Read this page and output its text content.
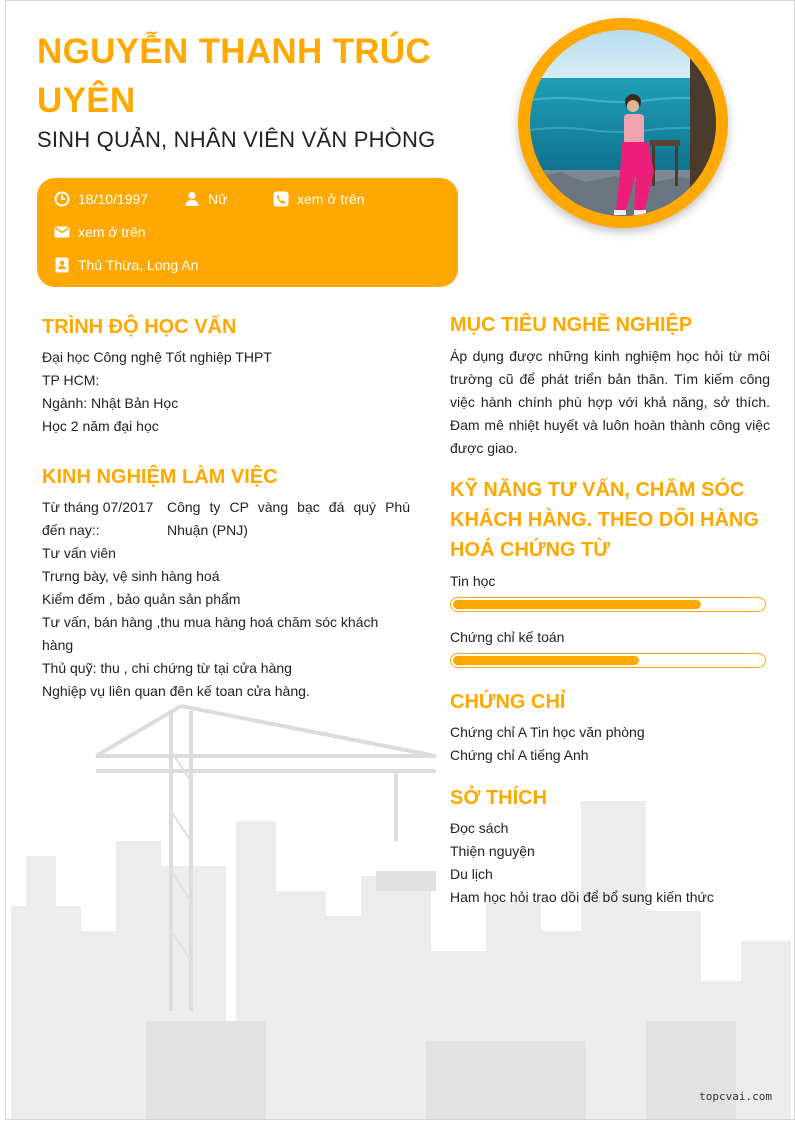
NGUYỄN THANH TRÚC UYÊN
SINH QUẢN, NHÂN VIÊN VĂN PHÒNG
18/10/1997	Nữ	xem ở trên
xem ở trên
Thủ Thừa, Long An
TRÌNH ĐỘ HỌC VẤN
Đại học Công nghệ Tốt nghiệp THPT
TP HCM:
Ngành: Nhật Bản Học
Học 2 năm đại học
KINH NGHIỆM LÀM VIỆC
Từ tháng 07/2017 đến nay::
Công ty CP vàng bạc đá quý Phú Nhuận (PNJ)
Tư vấn viên
Trưng bày, vệ sinh hàng hoá
Kiểm đếm , bảo quản sản phẩm
Tư vấn, bán hàng ,thu mua hàng hoá chăm sóc khách hàng
Thủ quỹ: thu , chi chứng từ tại cửa hàng
Nghiệp vụ liên quan đên kế toan cửa hàng.
MỤC TIÊU NGHỀ NGHIỆP
Áp dụng được những kinh nghiệm học hỏi từ môi trường cũ để phát triển bản thân. Tìm kiếm công việc hành chính phù hợp với khả năng, sở thích. Đam mê nhiệt huyết và luôn hoàn thành công việc được giao.
KỸ NĂNG TƯ VẤN, CHĂM SÓC KHÁCH HÀNG. THEO DÕI HÀNG HOÁ CHỨNG TỪ
Tin học
Chứng chỉ kế toán
CHỨNG CHỈ
Chứng chỉ A Tin học văn phòng
Chứng chỉ A tiếng Anh
SỞ THÍCH
Đọc sách
Thiện nguyện
Du lịch
Ham học hỏi trao dồi để bổ sung kiến thức
topcvai.com
